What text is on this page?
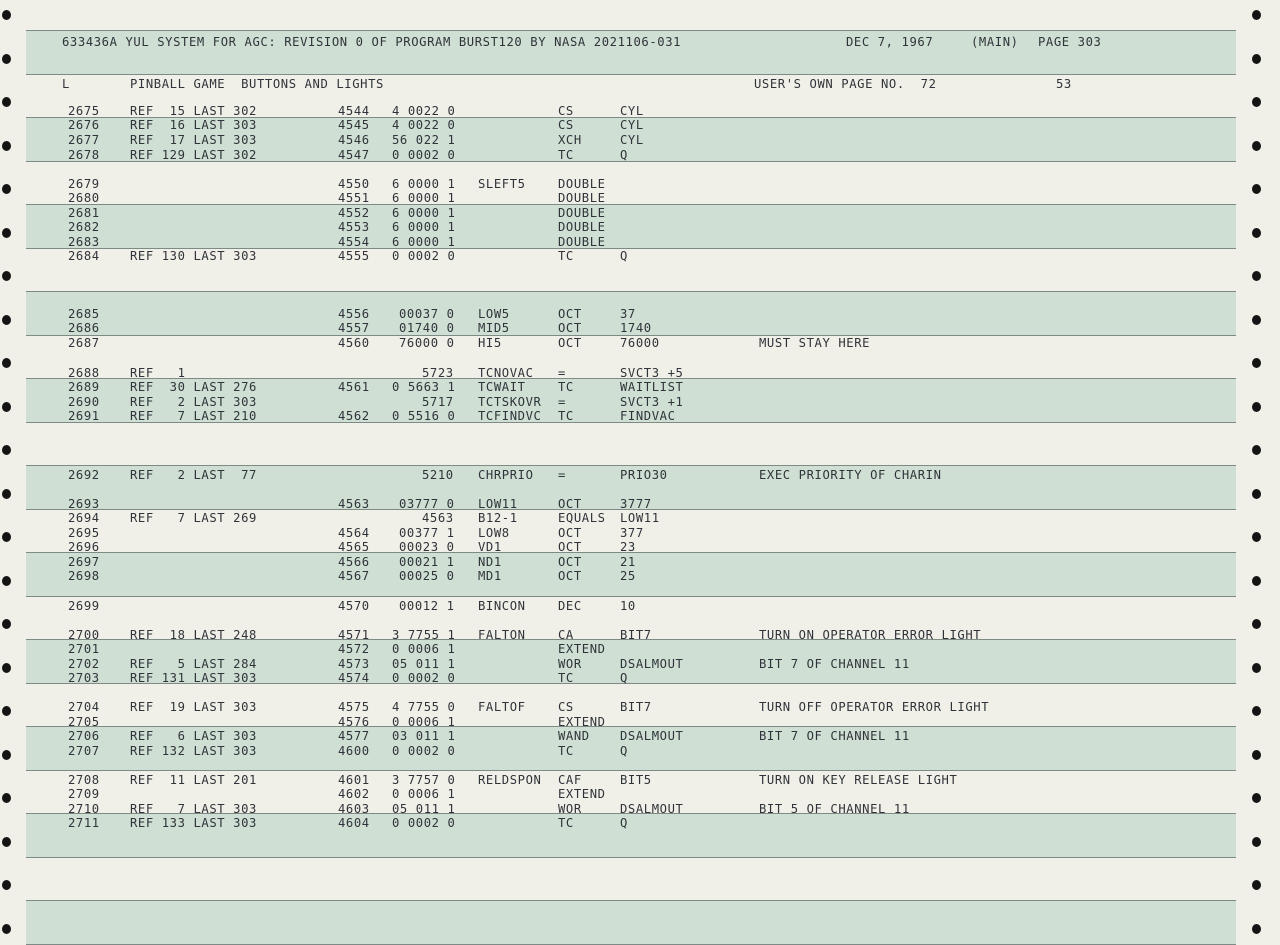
633436A YUL SYSTEM FOR AGC: REVISION 0 OF PROGRAM BURST120 BY NASA 2021106-031	DEC 7, 1967	(MAIN) PAGE 303
L	PINBALL GAME  BUTTONS AND LIGHTS	USER'S OWN PAGE NO.  72	53
2675 REF  15 LAST 302	4544 4 0022 0	CS	CYL
2676 REF  16 LAST 303	4545 4 0022 0	CS	CYL
2677 REF  17 LAST 303	4546 56 022 1	XCH	CYL
2678 REF 129 LAST 302	4547 0 0002 0	TC	Q
2679	4550 6 0000 1 SLEFT5	DOUBLE
2680	4551 6 0000 1	DOUBLE
2681	4552 6 0000 1	DOUBLE
2682	4553 6 0000 1	DOUBLE
2683	4554 6 0000 1	DOUBLE
2684 REF 130 LAST 303	4555 0 0002 0	TC	Q
2685	4556 00037 0 LOW5	OCT	37
2686	4557 01740 0 MID5	OCT	1740
2687	4560 76000 0 HI5	OCT	76000	MUST STAY HERE
2688 REF   1	5723 TCNOVAC =	SVCT3 +5
2689 REF  30 LAST 276	4561 0 5663 1 TCWAIT	TC	WAITLIST
2690 REF   2 LAST 303	5717 TCTSKOVR =	SVCT3 +1
2691 REF   7 LAST 210	4562 0 5516 0 TCFINDVC TC	FINDVAC
2692 REF   2 LAST  77	5210 CHRPRIO =	PRIO30	EXEC PRIORITY OF CHARIN
2693	4563 03777 0 LOW11	OCT	3777
2694 REF   7 LAST 269	4563 B12-1	EQUALS LOW11
2695	4564 00377 1 LOW8	OCT	377
2696	4565 00023 0 VD1	OCT	23
2697	4566 00021 1 ND1	OCT	21
2698	4567 00025 0 MD1	OCT	25
2699	4570 00012 1 BINCON	DEC	10
2700 REF  18 LAST 248	4571 3 7755 1 FALTON	CA	BIT7	TURN ON OPERATOR ERROR LIGHT
2701	4572 0 0006 1	EXTEND
2702 REF   5 LAST 284	4573 05 011 1	WOR	DSALMOUT	BIT 7 OF CHANNEL 11
2703 REF 131 LAST 303	4574 0 0002 0	TC	Q
2704 REF  19 LAST 303	4575 4 7755 0 FALTOF	CS	BIT7	TURN OFF OPERATOR ERROR LIGHT
2705	4576 0 0006 1	EXTEND
2706 REF   6 LAST 303	4577 03 011 1	WAND DSALMOUT	BIT 7 OF CHANNEL 11
2707 REF 132 LAST 303	4600 0 0002 0	TC	Q
2708 REF  11 LAST 201	4601 3 7757 0 RELDSPON CAF	BIT5	TURN ON KEY RELEASE LIGHT
2709	4602 0 0006 1	EXTEND
2710 REF   7 LAST 303	4603 05 011 1	WOR	DSALMOUT	BIT 5 OF CHANNEL 11
2711 REF 133 LAST 303	4604 0 0002 0	TC	Q
